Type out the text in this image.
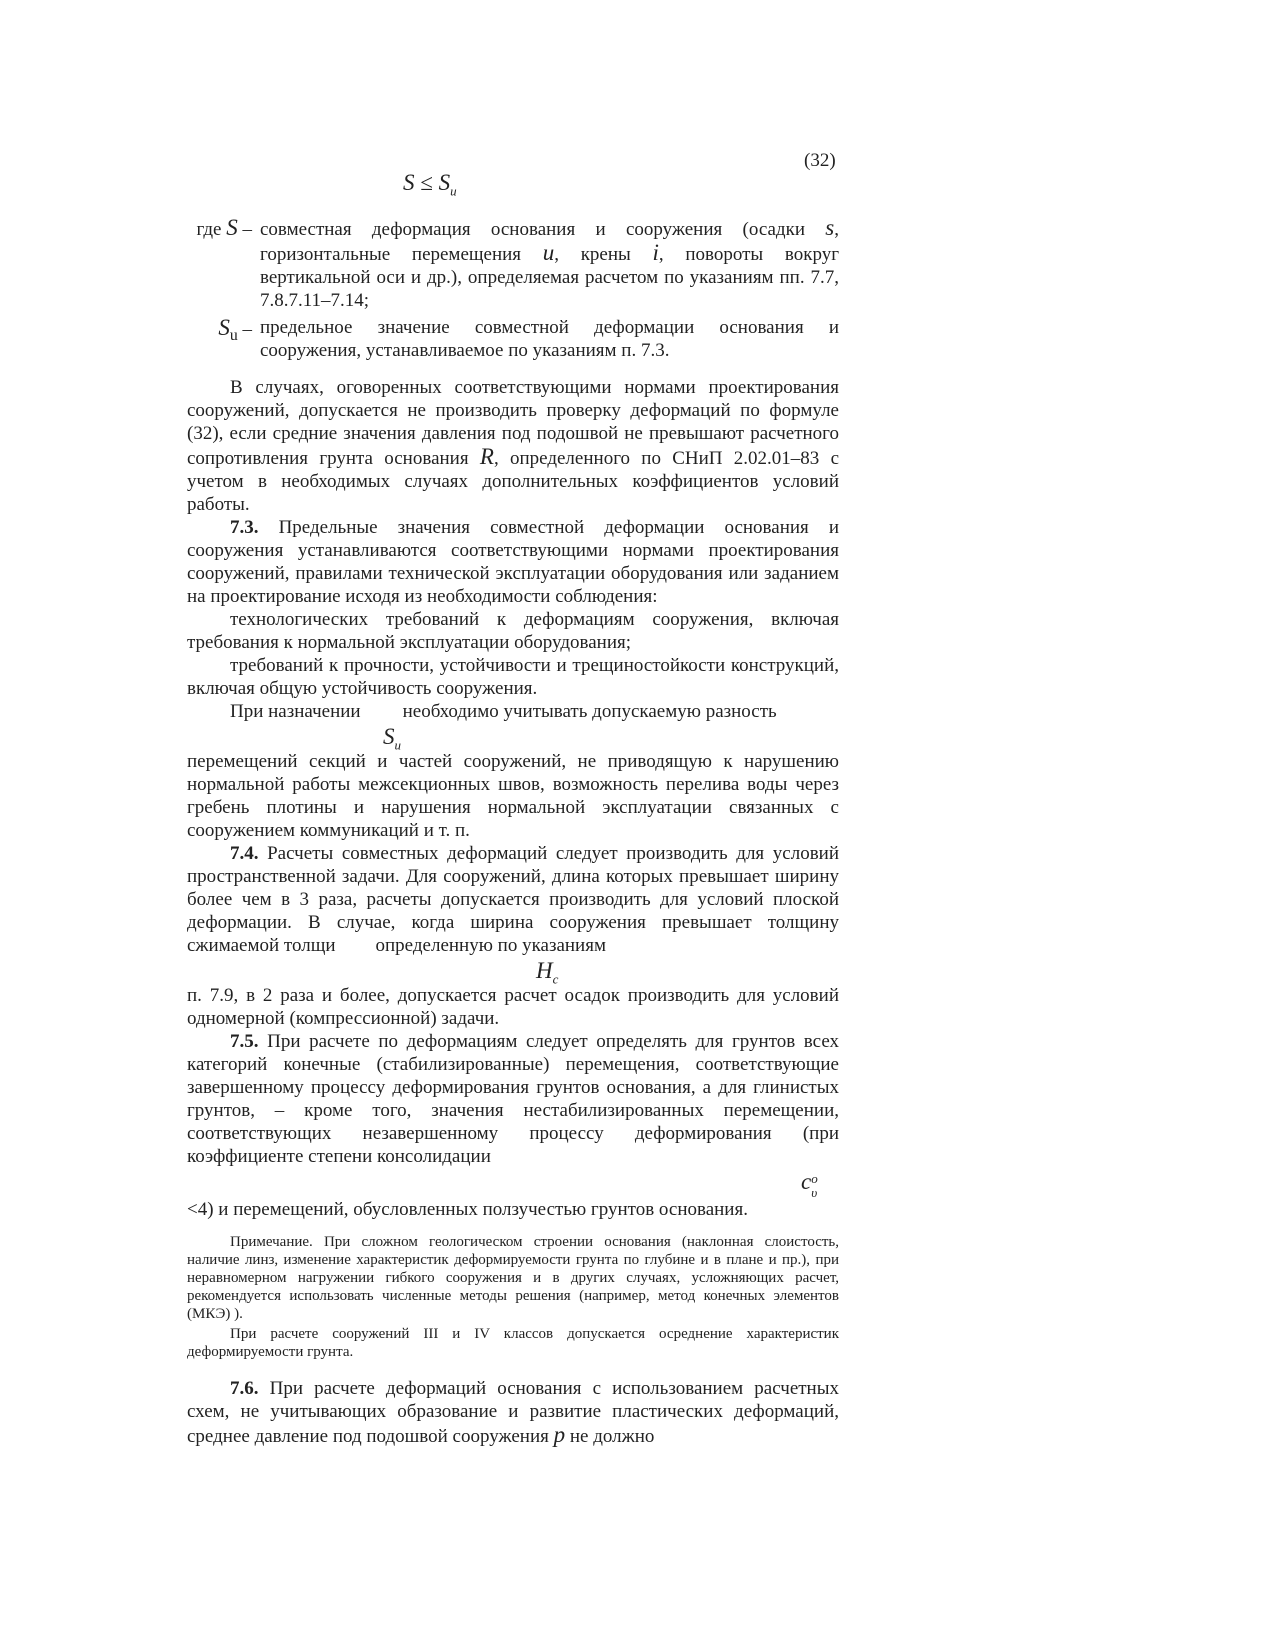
(32)
$S \le S_u$
где S – совместная деформация основания и сооружения (осадки s, горизонтальные перемещения u, крены i, повороты вокруг вертикальной оси и др.), определяемая расчетом по указаниям пп. 7.7, 7.8.7.11–7.14;
$S_u$ – предельное значение совместной деформации основания и сооружения, устанавливаемое по указаниям п. 7.3.

В случаях, оговоренных соответствующими нормами проектирования сооружений, допускается не производить проверку деформаций по формуле (32), если средние значения давления под подошвой не превышают расчетного сопротивления грунта основания R, определенного по СНиП 2.02.01–83 с учетом в необходимых случаях дополнительных коэффициентов условий работы.

7.3. Предельные значения совместной деформации основания и сооружения устанавливаются соответствующими нормами проектирования сооружений, правилами технической эксплуатации оборудования или заданием на проектирование исходя из необходимости соблюдения:

технологических требований к деформациям сооружения, включая требования к нормальной эксплуатации оборудования;

требований к прочности, устойчивости и трещиностойкости конструкций, включая общую устойчивость сооружения.

При назначении необходимо учитывать допускаемую разность

$S_u$

перемещений секций и частей сооружений, не приводящую к нарушению нормальной работы межсекционных швов, возможность перелива воды через гребень плотины и нарушения нормальной эксплуатации связанных с сооружением коммуникаций и т. п.

7.4. Расчеты совместных деформаций следует производить для условий пространственной задачи. Для сооружений, длина которых превышает ширину более чем в 3 раза, расчеты допускается производить для условий плоской деформации. В случае, когда ширина сооружения превышает толщину сжимаемой толщи определенную по указаниям

$H_c$

п. 7.9, в 2 раза и более, допускается расчет осадок производить для условий одномерной (компрессионной) задачи.

7.5. При расчете по деформациям следует определять для грунтов всех категорий конечные (стабилизированные) перемещения, соответствующие завершенному процессу деформирования грунтов основания, а для глинистых грунтов, – кроме того, значения нестабилизированных перемещении, соответствующих незавершенному процессу деформирования (при коэффициенте степени консолидации

c o
υ

<4) и перемещений, обусловленных ползучестью грунтов основания.

Примечание. При сложном геологическом строении основания (наклонная слоистость, наличие линз, изменение характеристик деформируемости грунта по глубине и в плане и пр.), при неравномерном нагружении гибкого сооружения и в других случаях, усложняющих расчет, рекомендуется использовать численные методы решения (например, метод конечных элементов (МКЭ) ).

При расчете сооружений III и IV классов допускается осреднение характеристик деформируемости грунта.

7.6. При расчете деформаций основания с использованием расчетных схем, не учитывающих образование и развитие пластических деформаций, среднее давление под подошвой сооружения p не должно
